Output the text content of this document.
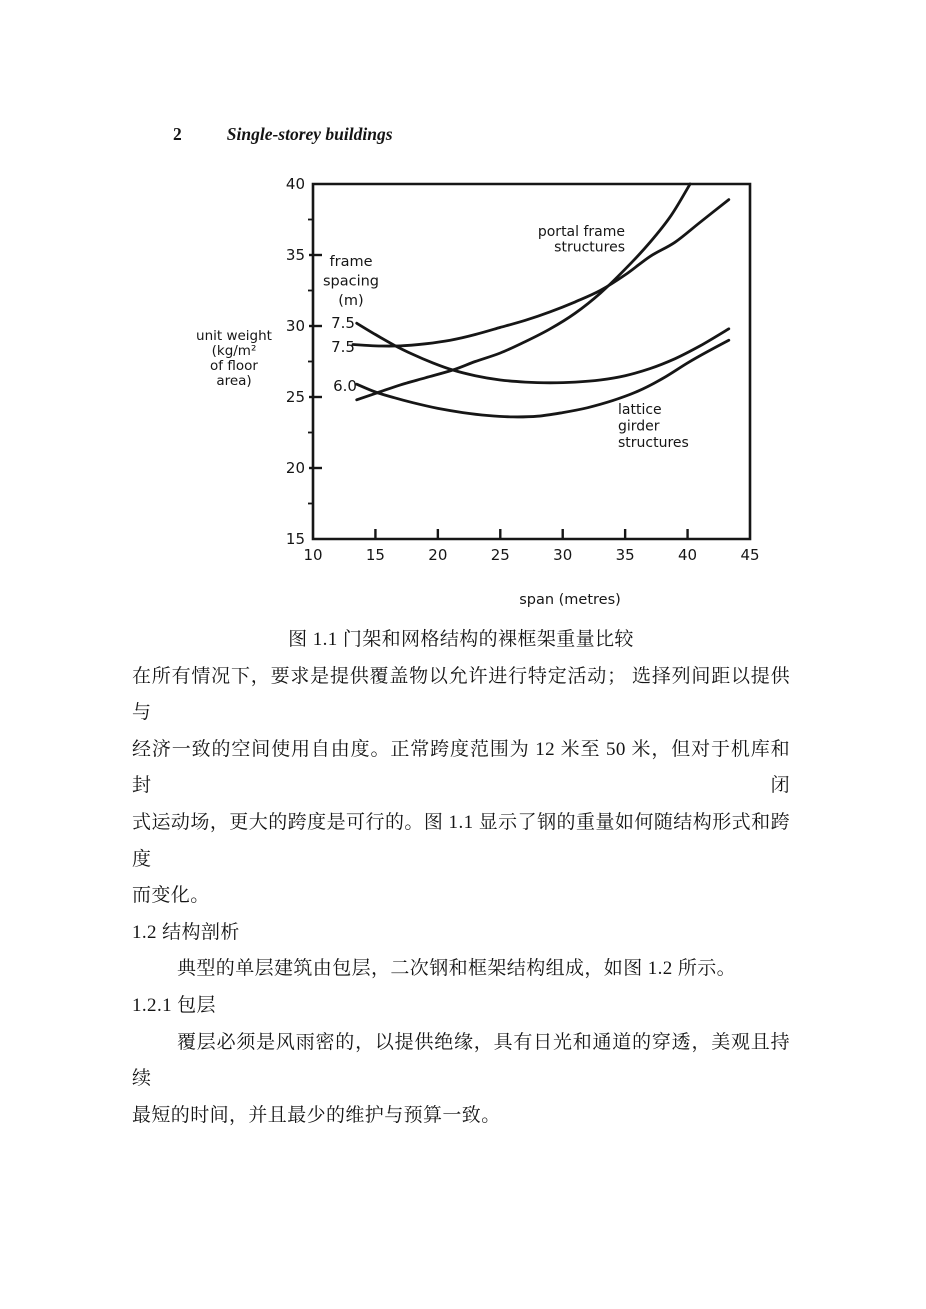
2	Single-storey buildings
10	15	20	25	30	35	40	45
15
20
25
30
35
40
span (metres)
unit weight
(kg/m²
of floor
area)
frame
spacing
(m)
7.5
7.5
6.0
portal frame
structures
lattice
girder
structures
图 1.1 门架和网格结构的裸框架重量比较
在所有情况下，要求是提供覆盖物以允许进行特定活动； 选择列间距以提供与
经济一致的空间使用自由度。正常跨度范围为 12 米至 50 米，但对于机库和封闭
式运动场，更大的跨度是可行的。图 1.1 显示了钢的重量如何随结构形式和跨度
而变化。
1.2 结构剖析
典型的单层建筑由包层，二次钢和框架结构组成，如图 1.2 所示。
1.2.1 包层
覆层必须是风雨密的，以提供绝缘，具有日光和通道的穿透，美观且持续
最短的时间，并且最少的维护与预算一致。
